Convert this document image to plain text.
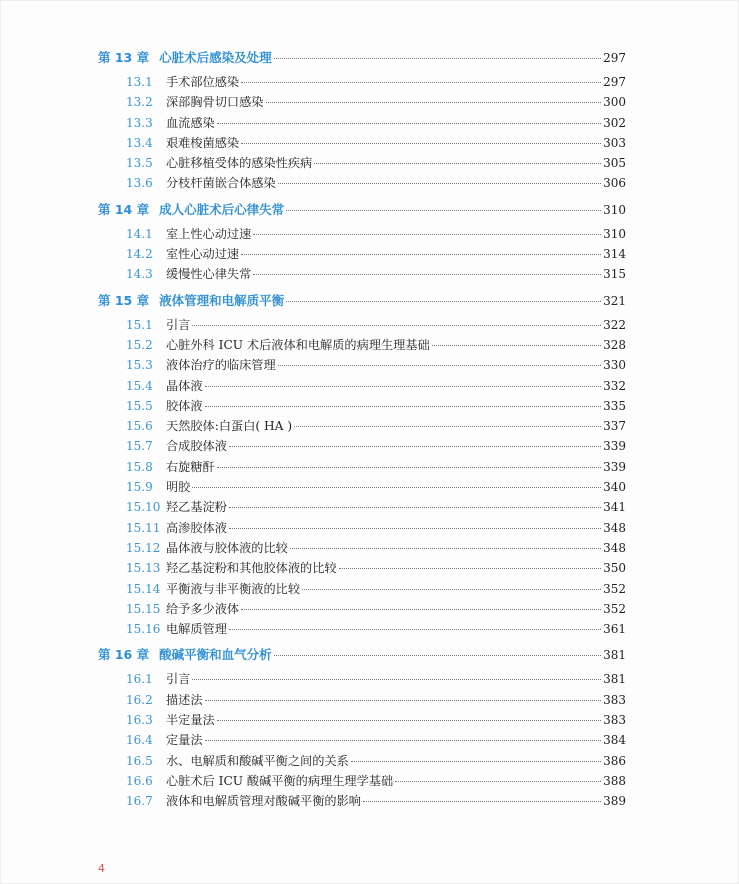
第 13 章 心脏术后感染及处理	297
13.1	手术部位感染	297
13.2	深部胸骨切口感染	300
13.3	血流感染	302
13.4	艰难梭菌感染	303
13.5	心脏移植受体的感染性疾病	305
13.6	分枝杆菌嵌合体感染	306
第 14 章 成人心脏术后心律失常	310
14.1	室上性心动过速	310
14.2	室性心动过速	314
14.3	缓慢性心律失常	315
第 15 章 液体管理和电解质平衡	321
15.1	引言	322
15.2	心脏外科 ICU 术后液体和电解质的病理生理基础	328
15.3	液体治疗的临床管理	330
15.4	晶体液	332
15.5	胶体液	335
15.6	天然胶体:白蛋白( HA )	337
15.7	合成胶体液	339
15.8	右旋糖酐	339
15.9	明胶	340
15.10 羟乙基淀粉	341
15.11 高渗胶体液	348
15.12 晶体液与胶体液的比较	348
15.13 羟乙基淀粉和其他胶体液的比较	350
15.14 平衡液与非平衡液的比较	352
15.15 给予多少液体	352
15.16 电解质管理	361
第 16 章 酸碱平衡和血气分析	381
16.1	引言	381
16.2	描述法	383
16.3	半定量法	383
16.4	定量法	384
16.5	水、电解质和酸碱平衡之间的关系	386
16.6	心脏术后 ICU 酸碱平衡的病理生理学基础	388
16.7	液体和电解质管理对酸碱平衡的影响	389
4
